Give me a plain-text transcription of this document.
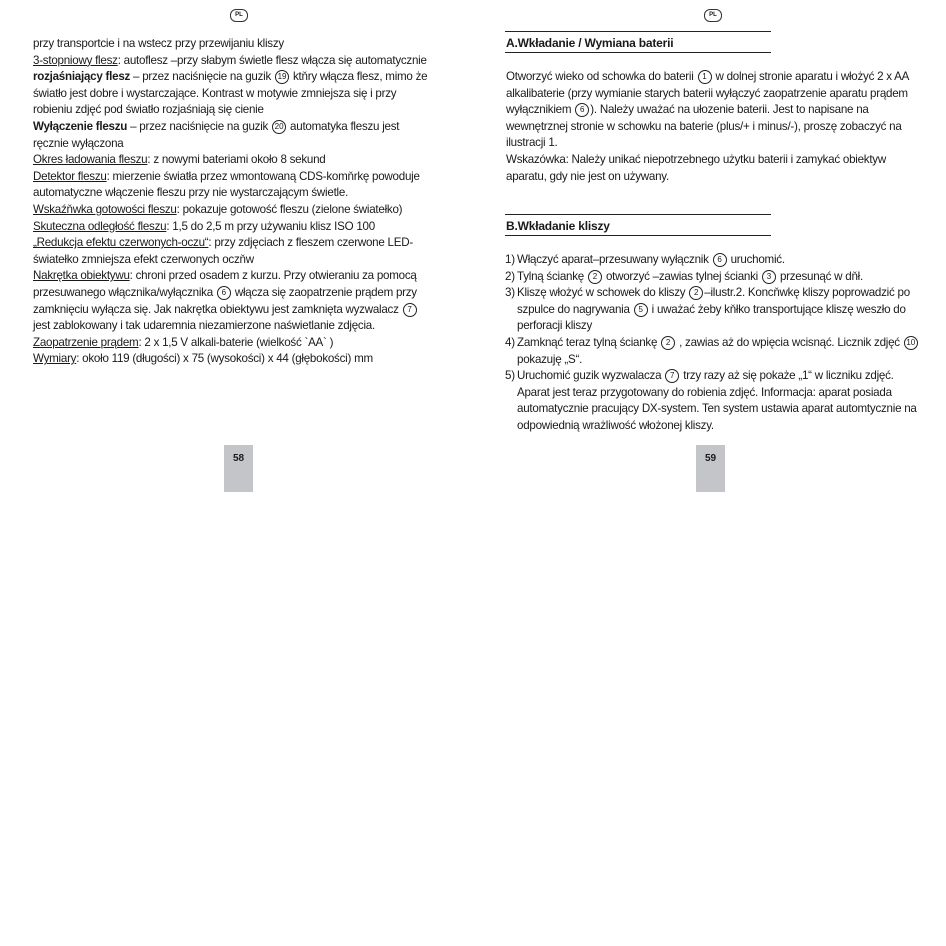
PL
przy transportcie i na wstecz przy przewijaniu kliszy
3-stopniowy flesz: autoflesz –przy słabym świetle flesz włącza się automatycznie
rozjaśniający flesz – przez naciśnięcie na guzik 19 ktňry włącza flesz, mimo że
światło jest dobre i wystarczające. Kontrast w motywie zmniejsza się i przy
robieniu zdjęć pod światło rozjaśniają się cienie
Wyłączenie fleszu – przez naciśnięcie na guzik 20 automatyka fleszu jest
ręcznie wyłączona
Okres ładowania fleszu: z nowymi bateriami około 8 sekund
Detektor fleszu: mierzenie światła przez wmontowaną CDS-komňrkę powoduje
automatyczne włączenie fleszu przy nie wystarczającym świetle.
Wskaźňwka gotowości fleszu: pokazuje gotowość fleszu (zielone światełko)
Skuteczna odległość fleszu: 1,5 do 2,5 m przy używaniu klisz ISO 100
„Redukcja efektu czerwonych-oczu“: przy zdjęciach z fleszem czerwone LED-
światełko zmniejsza efekt czerwonych oczňw
Nakrętka obiektywu: chroni przed osadem z kurzu. Przy otwieraniu za pomocą
przesuwanego włącznika/wyłącznika 6 włącza się zaopatrzenie prądem przy
zamknięciu wyłącza się. Jak nakrętka obiektywu jest zamknięta wyzwalacz 7
jest zablokowany i tak udaremnia niezamierzone naświetlanie zdjęcia.
Zaopatrzenie prądem: 2 x 1,5 V alkali-baterie (wielkość `AA` )
Wymiary: około 119 (długości) x 75 (wysokości) x 44 (głębokości) mm
58
PL
A.Wkładanie / Wymiana baterii
Otworzyć wieko od schowka do baterii 1 w dolnej stronie aparatu i włożyć 2 x AA alkalibaterie (przy wymianie starych baterii wyłączyć zaopatrzenie aparatu prądem wyłącznikiem 6 ). Należy uważać na ułozenie baterii. Jest to napisane na wewnętrznej stronie w schowku na baterie (plus/+ i minus/-), proszę zobaczyć na ilustracji 1.
Wskazówka: Należy unikać niepotrzebnego użytku baterii i zamykać obiektyw aparatu, gdy nie jest on używany.
B.Wkładanie kliszy
1) Włączyć aparat–przesuwany wyłącznik 6 uruchomić.
2) Tylną ściankę 2 otworzyć –zawias tylnej ścianki 3 przesunąć w dňł.
3) Kliszę włożyć w schowek do kliszy 2 –ilustr.2. Koncňwkę kliszy poprowadzić po szpulce do nagrywania 5 i uważać żeby kňłko transportujące kliszę weszło do perforacji kliszy
4) Zamknąć teraz tylną ściankę 2 , zawias aż do wpięcia wcisnąć. Licznik zdjęć 10 pokazuję „S“.
5) Uruchomić guzik wyzwalacza 7 trzy razy aż się pokaże „1“ w liczniku zdjęć. Aparat jest teraz przygotowany do robienia zdjęć. Informacja: aparat posiada automatycznie pracujący DX-system. Ten system ustawia aparat automtycznie na odpowiednią wrażliwość włożonej kliszy.
59
